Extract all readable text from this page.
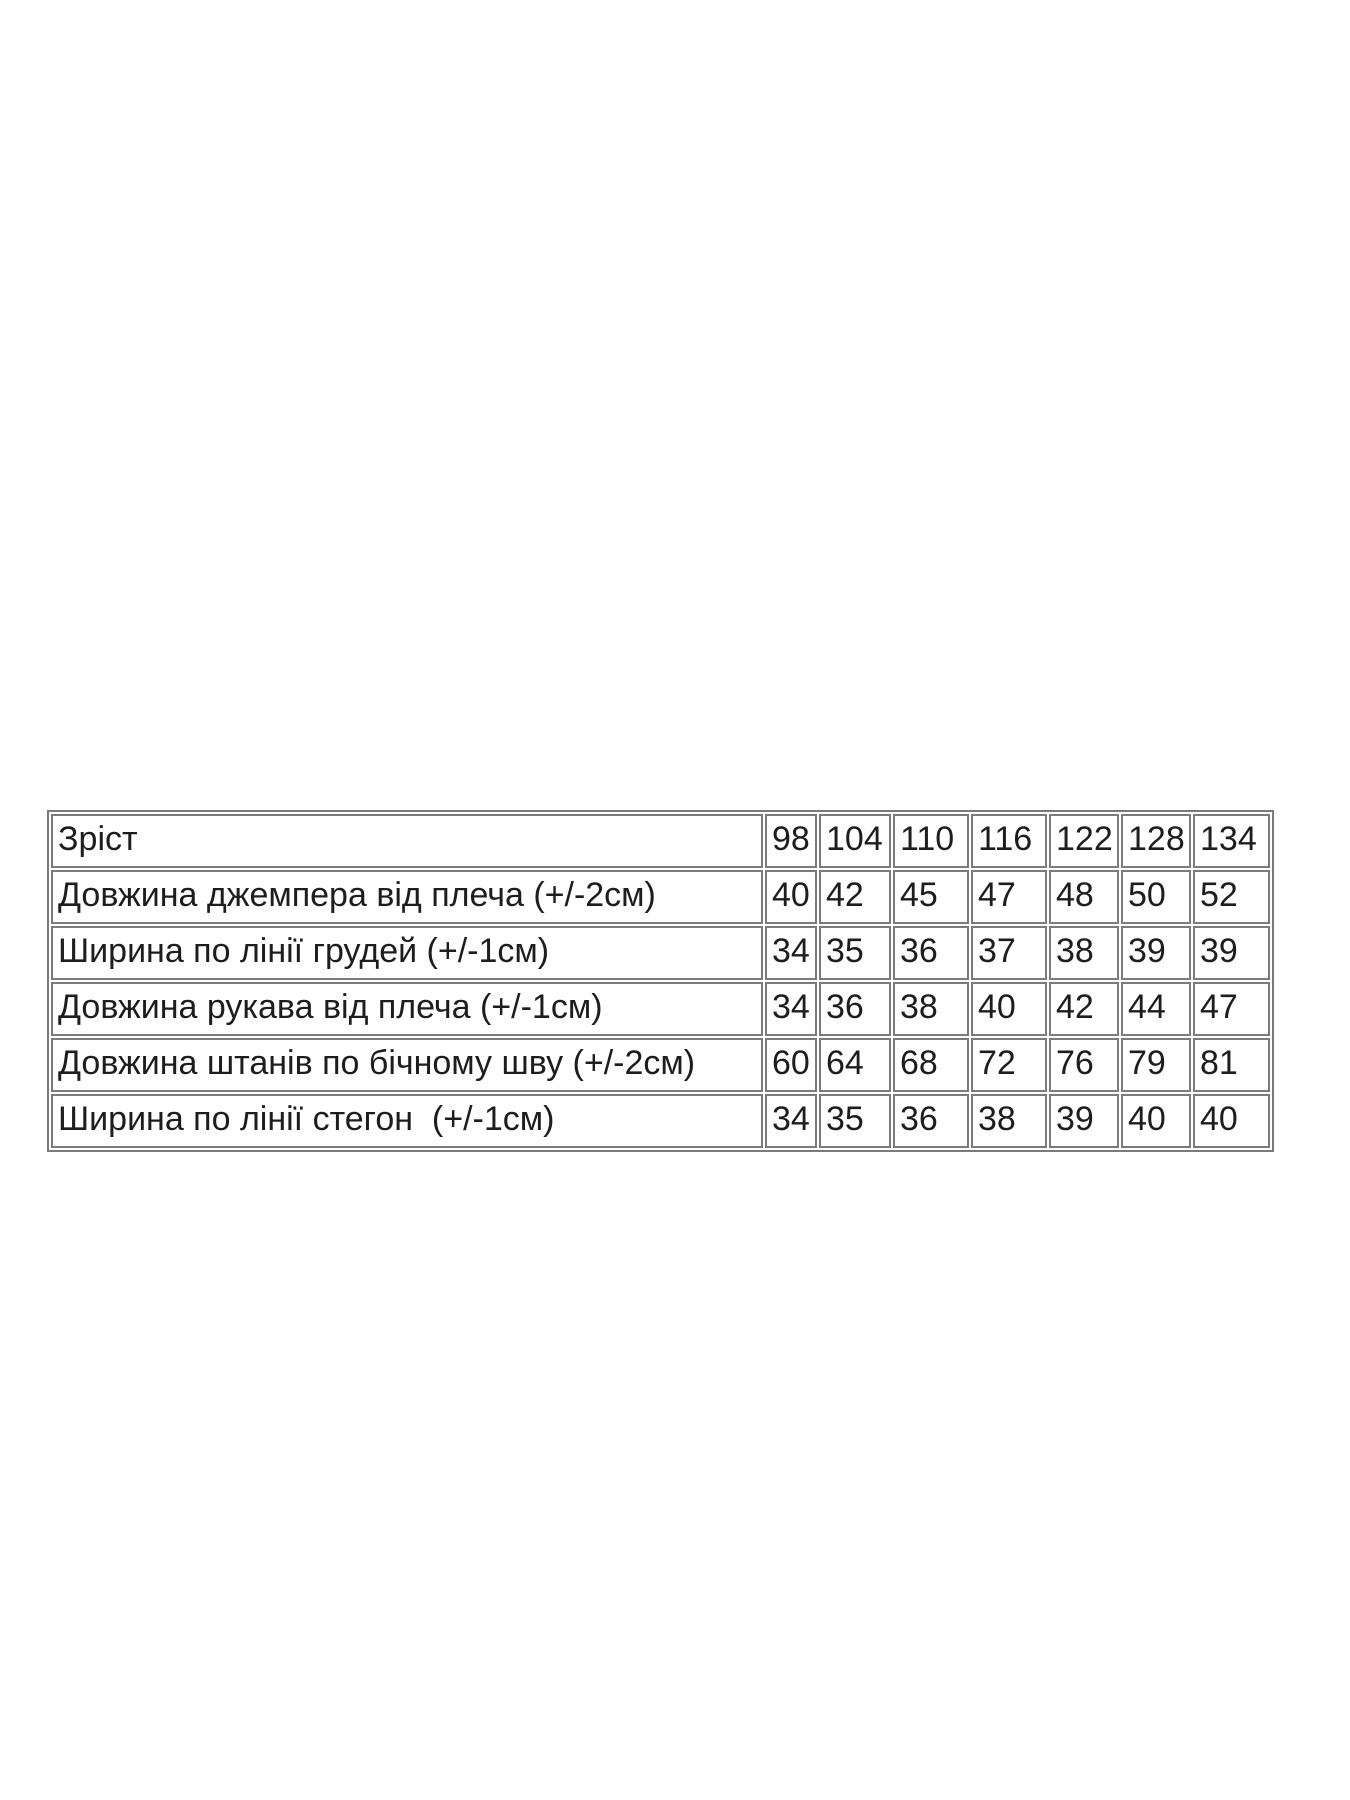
Зріст	98	104	110	116	122	128	134
Довжина джемпера від плеча (+/-2см)	40	42	45	47	48	50	52
Ширина по лінії грудей (+/-1см)	34	35	36	37	38	39	39
Довжина рукава від плеча (+/-1см)	34	36	38	40	42	44	47
Довжина штанів по бічному шву (+/-2см)	60	64	68	72	76	79	81
Ширина по лінії стегон  (+/-1см)	34	35	36	38	39	40	40
